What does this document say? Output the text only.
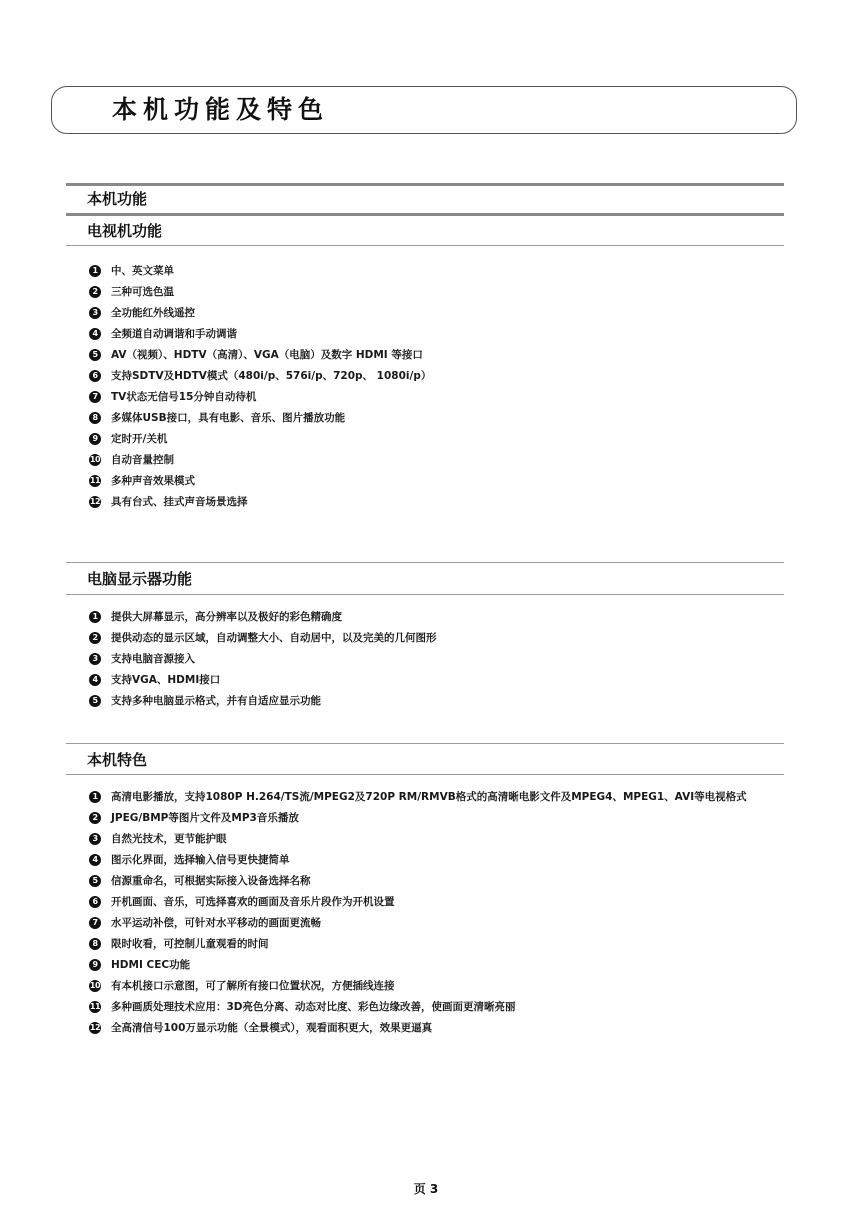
本机功能及特色
本机功能
电视机功能
1	中、英文菜单
2	三种可选色温
3	全功能红外线遥控
4	全频道自动调谐和手动调谐
5	AV（视频）、HDTV（高清）、VGA（电脑）及数字 HDMI 等接口
6	支持SDTV及HDTV模式（480i/p、576i/p、720p、 1080i/p）
7	TV状态无信号15分钟自动待机
8	多媒体USB接口，具有电影、音乐、图片播放功能
9	定时开/关机
10 自动音量控制
11 多种声音效果模式
12 具有台式、挂式声音场景选择
电脑显示器功能
1	提供大屏幕显示，高分辨率以及极好的彩色精确度
2	提供动态的显示区域，自动调整大小、自动居中，以及完美的几何图形
3	支持电脑音源接入
4	支持VGA、HDMI接口
5	支持多种电脑显示格式，并有自适应显示功能
本机特色
1	高清电影播放，支持1080P H.264/TS流/MPEG2及720P RM/RMVB格式的高清晰电影文件及MPEG4、MPEG1、AVI等电视格式
2	JPEG/BMP等图片文件及MP3音乐播放
3	自然光技术，更节能护眼
4	图示化界面，选择输入信号更快捷简单
5	信源重命名，可根据实际接入设备选择名称
6	开机画面、音乐，可选择喜欢的画面及音乐片段作为开机设置
7	水平运动补偿，可针对水平移动的画面更流畅
8	限时收看，可控制儿童观看的时间
9	HDMI CEC功能
10 有本机接口示意图，可了解所有接口位置状况，方便插线连接
11 多种画质处理技术应用：3D亮色分离、动态对比度、彩色边缘改善，使画面更清晰亮丽
12 全高清信号100万显示功能（全景模式），观看面积更大，效果更逼真
页 3
